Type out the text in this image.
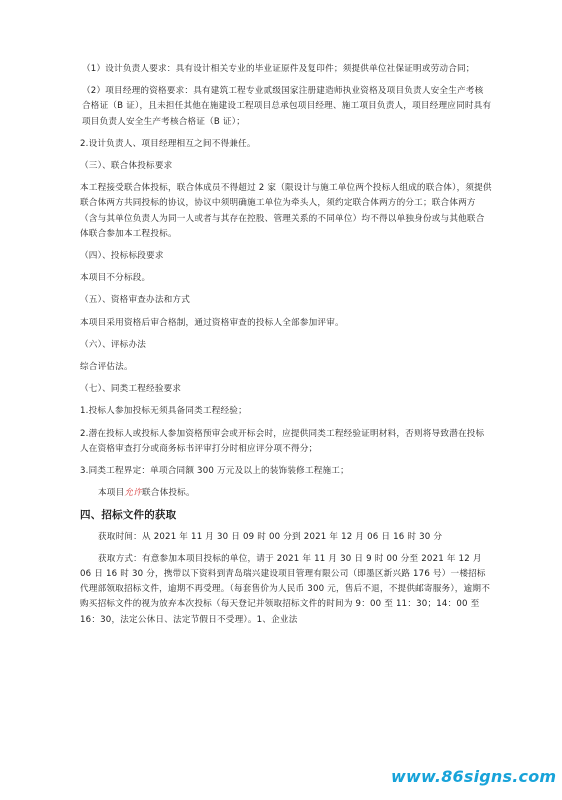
（1）设计负责人要求：具有设计相关专业的毕业证原件及复印件；须提供单位社保证明或劳动合同；

（2）项目经理的资格要求：具有建筑工程专业贰级国家注册建造师执业资格及项目负责人安全生产考核合格证（B 证），且未担任其他在施建设工程项目总承包项目经理、施工项目负责人，项目经理应同时具有项目负责人安全生产考核合格证（B 证）；

2.设计负责人、项目经理相互之间不得兼任。

（三）、联合体投标要求

本工程接受联合体投标，联合体成员不得超过 2 家（限设计与施工单位两个投标人组成的联合体），须提供联合体两方共同投标的协议，协议中须明确施工单位为牵头人，须约定联合体两方的分工；联合体两方（含与其单位负责人为同一人或者与其存在控股、管理关系的不同单位）均不得以单独身份或与其他联合体联合参加本工程投标。

（四）、投标标段要求

本项目不分标段。

（五）、资格审查办法和方式

本项目采用资格后审合格制，通过资格审查的投标人全部参加评审。

（六）、评标办法

综合评估法。

（七）、同类工程经验要求

1.投标人参加投标无须具备同类工程经验；

2.潜在投标人或投标人参加资格预审会或开标会时，应提供同类工程经验证明材料，否则将导致潜在投标人在资格审查打分或商务标书评审打分时相应评分项不得分；

3.同类工程界定：单项合同额 300 万元及以上的装饰装修工程施工；

本项目允许联合体投标。

四、招标文件的获取

获取时间：从 2021 年 11 月 30 日 09 时 00 分到 2021 年 12 月 06 日 16 时 30 分

获取方式：有意参加本项目投标的单位，请于 2021 年 11 月 30 日 9 时 00 分至 2021 年 12 月 06 日 16 时 30 分，携带以下资料到青岛瑞兴建设项目管理有限公司（即墨区新兴路 176 号）一楼招标代理部领取招标文件，逾期不再受理。（每套售价为人民币 300 元，售后不退，不提供邮寄服务），逾期不购买招标文件的视为放弃本次投标（每天登记并领取招标文件的时间为 9：00 至 11：30；14：00 至 16：30，法定公休日、法定节假日不受理）。1、企业法

www.86signs.com
